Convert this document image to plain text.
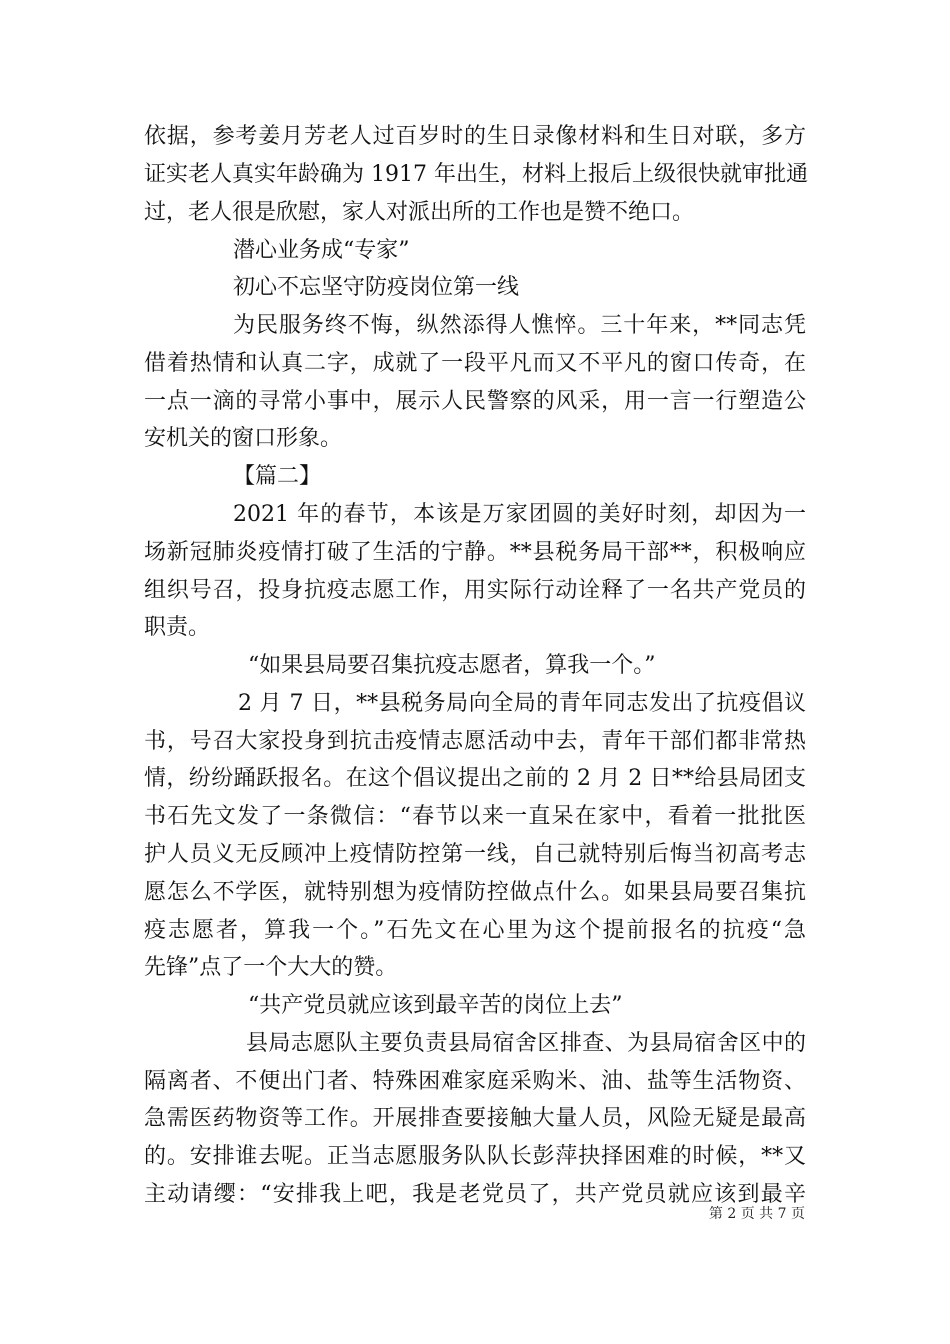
依据，参考姜月芳老人过百岁时的生日录像材料和生日对联，多方
证实老人真实年龄确为 1917 年出生，材料上报后上级很快就审批通
过，老人很是欣慰，家人对派出所的工作也是赞不绝口。
潜心业务成“专家”
初心不忘坚守防疫岗位第一线
为民服务终不悔，纵然添得人憔悴。三十年来，**同志凭
借着热情和认真二字，成就了一段平凡而又不平凡的窗口传奇，在
一点一滴的寻常小事中，展示人民警察的风采，用一言一行塑造公
安机关的窗口形象。
【篇二】
2021 年的春节，本该是万家团圆的美好时刻，却因为一
场新冠肺炎疫情打破了生活的宁静。**县税务局干部**，积极响应
组织号召，投身抗疫志愿工作，用实际行动诠释了一名共产党员的
职责。
“如果县局要召集抗疫志愿者，算我一个。”
2 月 7 日，**县税务局向全局的青年同志发出了抗疫倡议
书，号召大家投身到抗击疫情志愿活动中去，青年干部们都非常热
情，纷纷踊跃报名。在这个倡议提出之前的 2 月 2 日**给县局团支
书石先文发了一条微信：“春节以来一直呆在家中，看着一批批医
护人员义无反顾冲上疫情防控第一线，自己就特别后悔当初高考志
愿怎么不学医，就特别想为疫情防控做点什么。如果县局要召集抗
疫志愿者，算我一个。”石先文在心里为这个提前报名的抗疫“急
先锋”点了一个大大的赞。
“共产党员就应该到最辛苦的岗位上去”
县局志愿队主要负责县局宿舍区排查、为县局宿舍区中的
隔离者、不便出门者、特殊困难家庭采购米、油、盐等生活物资、
急需医药物资等工作。开展排查要接触大量人员，风险无疑是最高
的。安排谁去呢。正当志愿服务队队长彭萍抉择困难的时候，**又
主动请缨：“安排我上吧，我是老党员了，共产党员就应该到最辛
第 2 页 共 7 页
